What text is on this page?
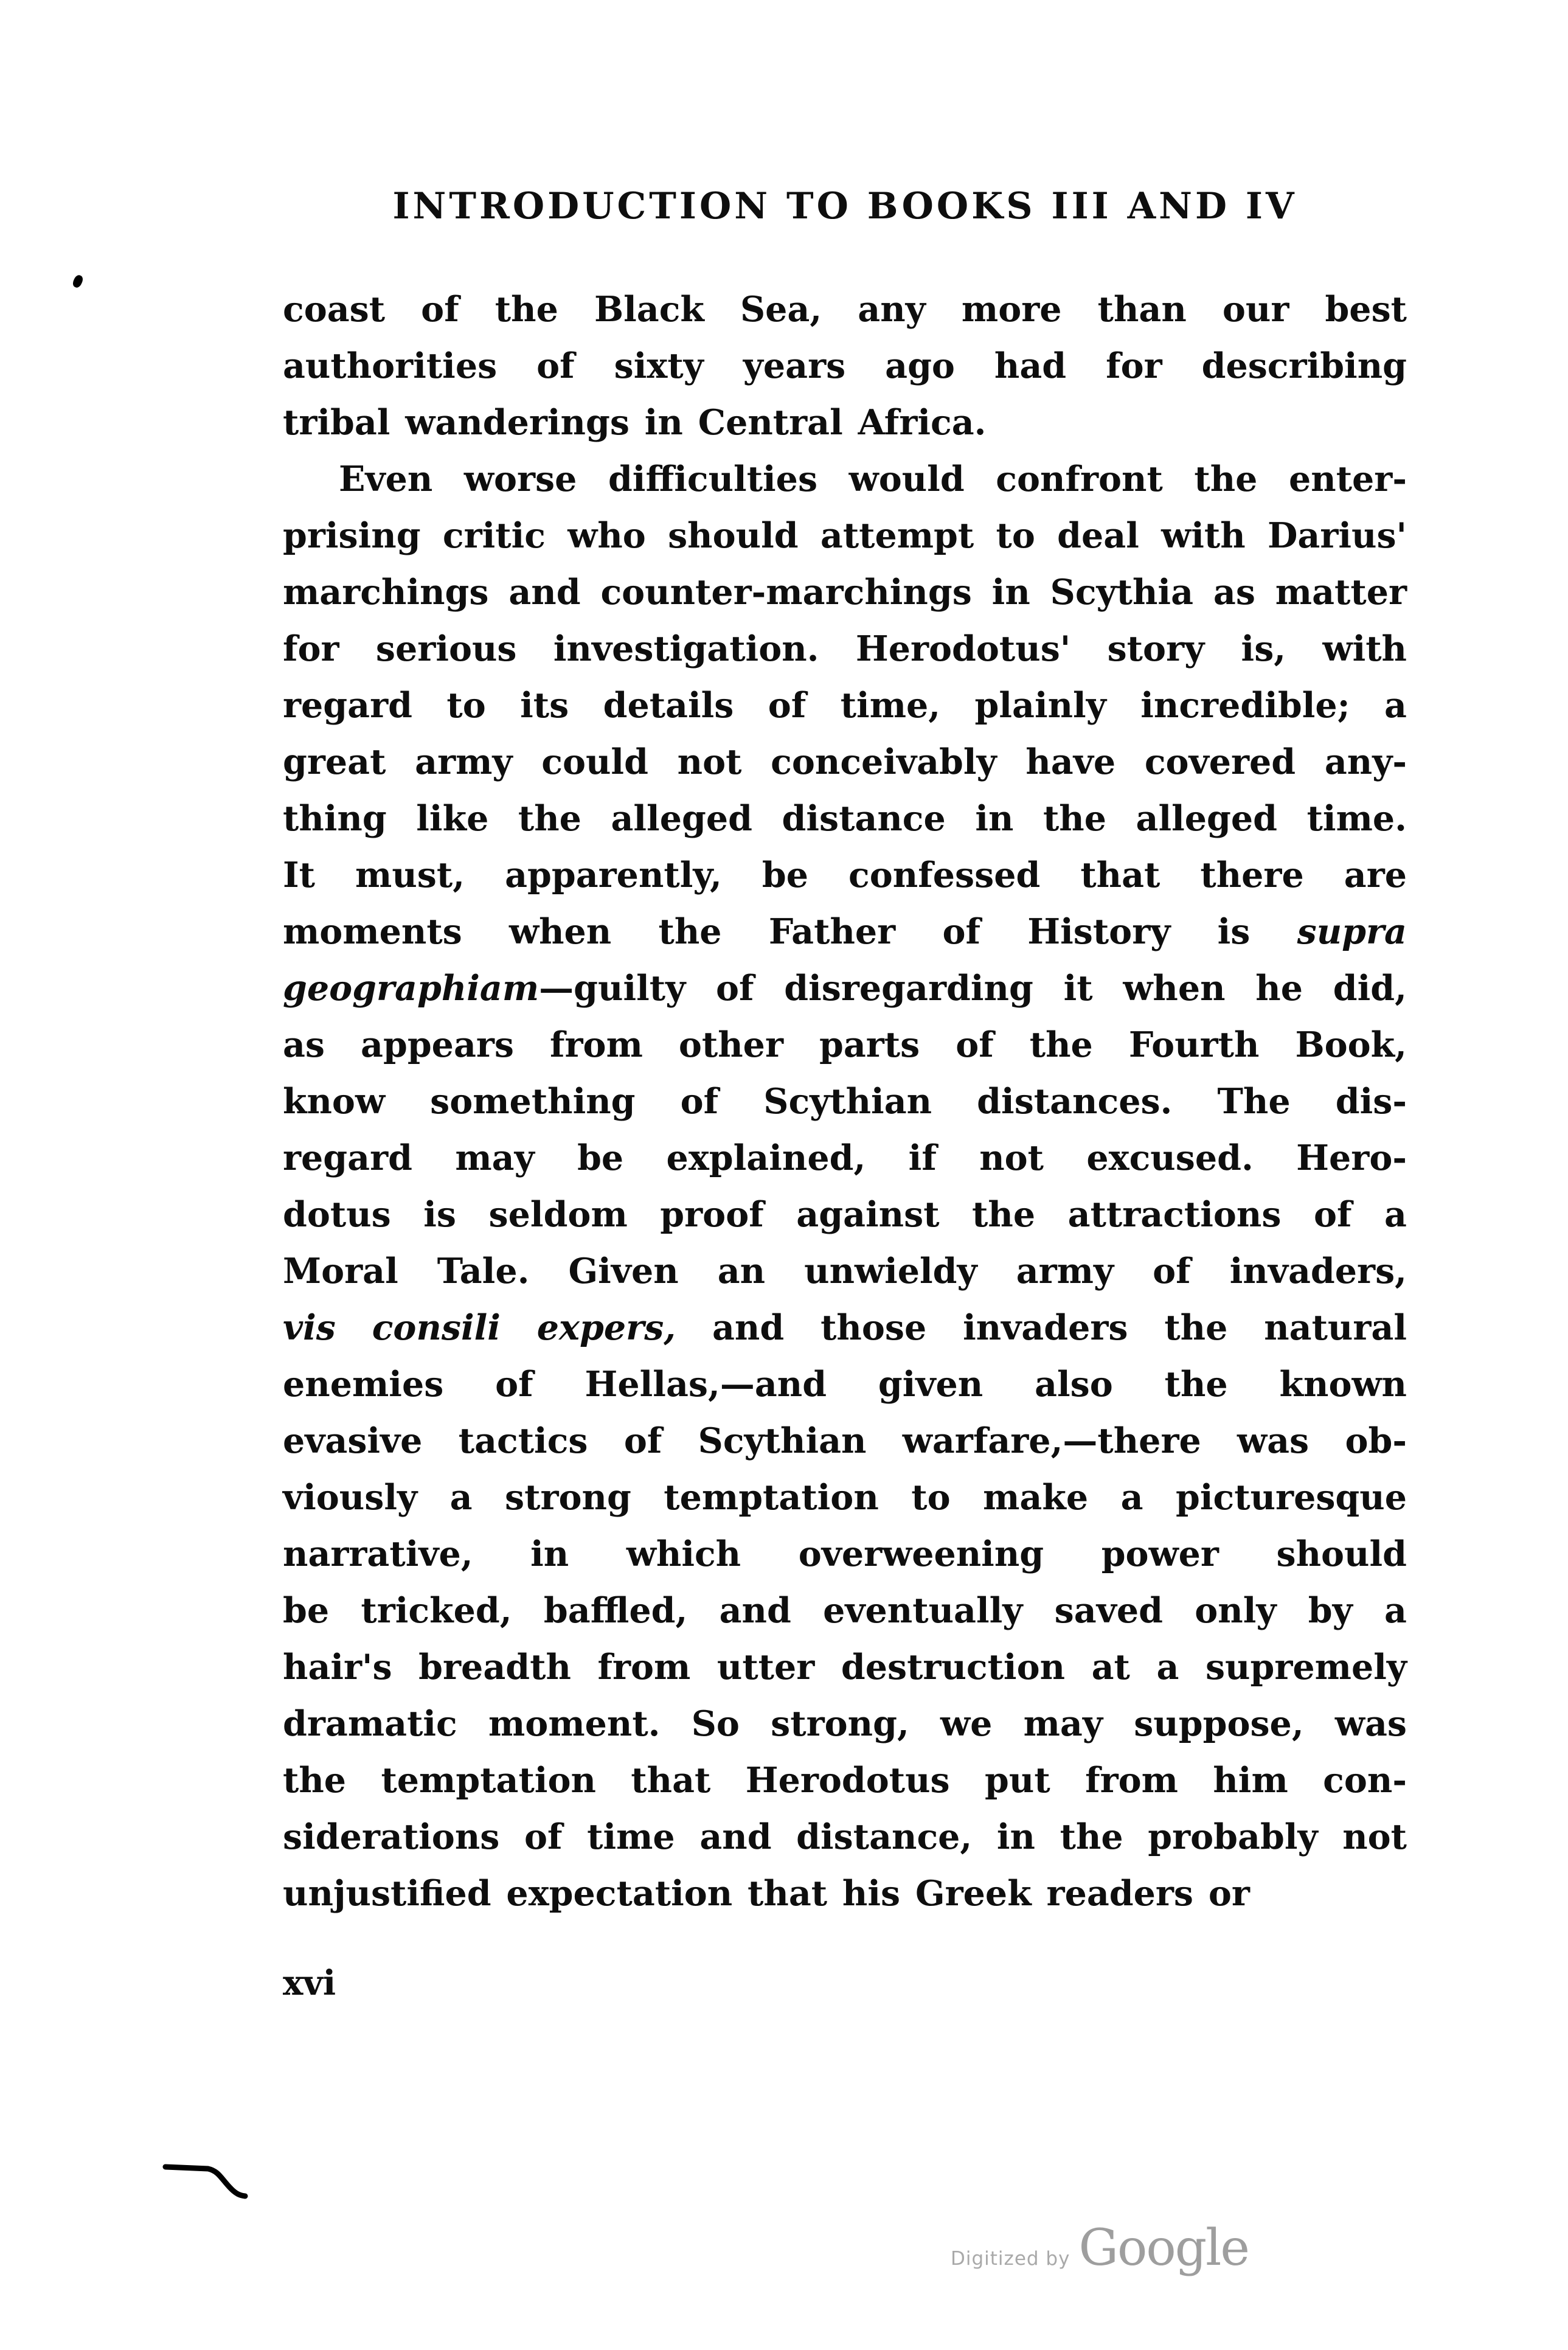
INTRODUCTION TO BOOKS III AND IV
coast of the Black Sea, any more than our best
authorities of sixty years ago had for describing
tribal wanderings in Central Africa.
Even worse difficulties would confront the enter-
prising critic who should attempt to deal with Darius'
marchings and counter-marchings in Scythia as matter
for serious investigation. Herodotus' story is, with
regard to its details of time, plainly incredible; a
great army could not conceivably have covered any-
thing like the alleged distance in the alleged time.
It must, apparently, be confessed that there are
moments when the Father of History is supra
geographiam—guilty of disregarding it when he did,
as appears from other parts of the Fourth Book,
know something of Scythian distances. The dis-
regard may be explained, if not excused. Hero-
dotus is seldom proof against the attractions of a
Moral Tale. Given an unwieldy army of invaders,
vis consili expers, and those invaders the natural
enemies of Hellas,—and given also the known
evasive tactics of Scythian warfare,—there was ob-
viously a strong temptation to make a picturesque
narrative, in which overweening power should
be tricked, baffled, and eventually saved only by a
hair's breadth from utter destruction at a supremely
dramatic moment. So strong, we may suppose, was
the temptation that Herodotus put from him con-
siderations of time and distance, in the probably not
unjustified expectation that his Greek readers or
xvi
Digitized by Google
